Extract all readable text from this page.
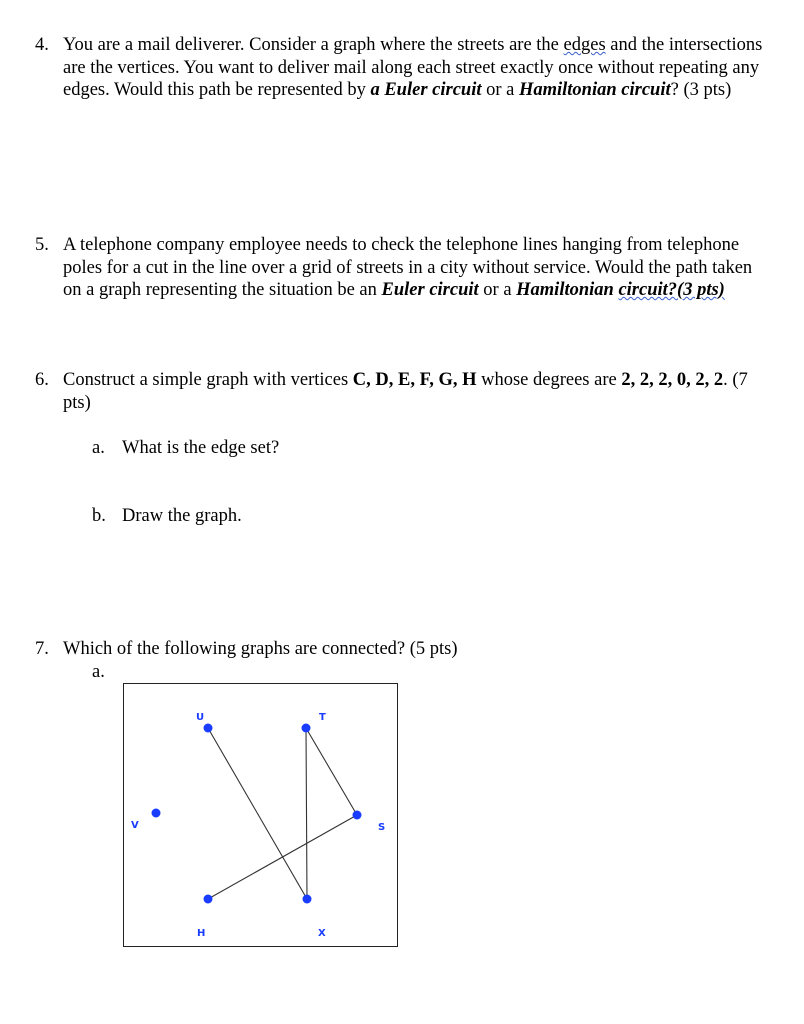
4. You are a mail deliverer. Consider a graph where the streets are the edges and the intersections are the vertices. You want to deliver mail along each street exactly once without repeating any edges. Would this path be represented by a Euler circuit or a Hamiltonian circuit? (3 pts)
5. A telephone company employee needs to check the telephone lines hanging from telephone poles for a cut in the line over a grid of streets in a city without service. Would the path taken on a graph representing the situation be an Euler circuit or a Hamiltonian circuit?(3 pts)
6. Construct a simple graph with vertices C, D, E, F, G, H whose degrees are 2, 2, 2, 0, 2, 2. (7 pts)
a. What is the edge set?
b. Draw the graph.
7. Which of the following graphs are connected? (5 pts)
a.
U	T
V	S
H	X
